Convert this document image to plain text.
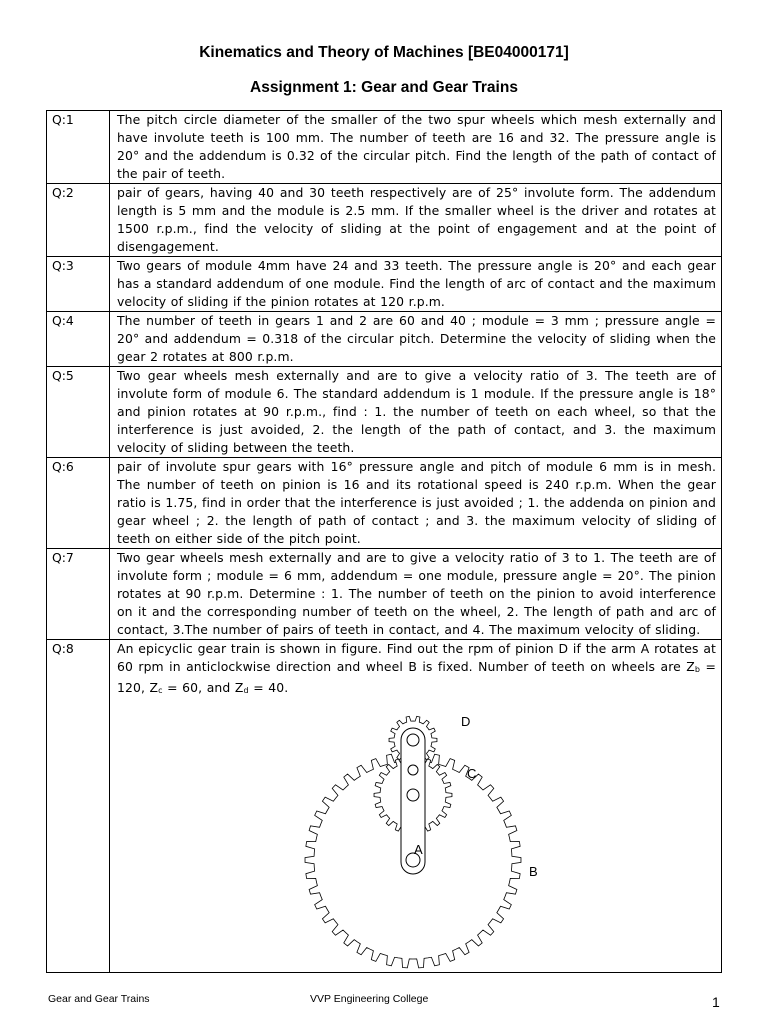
Kinematics and Theory of Machines [BE04000171]
Assignment 1: Gear and Gear Trains
Q:1	The pitch circle diameter of the smaller of the two spur wheels which mesh externally and have involute teeth is 100 mm. The number of teeth are 16 and 32. The pressure angle is 20° and the addendum is 0.32 of the circular pitch. Find the length of the path of contact of the pair of teeth.
Q:2	pair of gears, having 40 and 30 teeth respectively are of 25° involute form. The addendum length is 5 mm and the module is 2.5 mm. If the smaller wheel is the driver and rotates at 1500 r.p.m., find the velocity of sliding at the point of engagement and at the point of disengagement.
Q:3	Two gears of module 4mm have 24 and 33 teeth. The pressure angle is 20° and each gear has a standard addendum of one module. Find the length of arc of contact and the maximum velocity of sliding if the pinion rotates at 120 r.p.m.
Q:4	The number of teeth in gears 1 and 2 are 60 and 40 ; module = 3 mm ; pressure angle = 20° and addendum = 0.318 of the circular pitch. Determine the velocity of sliding when the gear 2 rotates at 800 r.p.m.
Q:5	Two gear wheels mesh externally and are to give a velocity ratio of 3. The teeth are of involute form of module 6. The standard addendum is 1 module. If the pressure angle is 18° and pinion rotates at 90 r.p.m., find : 1. the number of teeth on each wheel, so that the interference is just avoided, 2. the length of the path of contact, and 3. the maximum velocity of sliding between the teeth.
Q:6	pair of involute spur gears with 16° pressure angle and pitch of module 6 mm is in mesh. The number of teeth on pinion is 16 and its rotational speed is 240 r.p.m. When the gear ratio is 1.75, find in order that the interference is just avoided ; 1. the addenda on pinion and gear wheel ; 2. the length of path of contact ; and 3. the maximum velocity of sliding of teeth on either side of the pitch point.
Q:7	Two gear wheels mesh externally and are to give a velocity ratio of 3 to 1. The teeth are of involute form ; module = 6 mm, addendum = one module, pressure angle = 20°. The pinion rotates at 90 r.p.m. Determine : 1. The number of teeth on the pinion to avoid interference on it and the corresponding number of teeth on the wheel, 2. The length of path and arc of contact, 3.The number of pairs of teeth in contact, and 4. The maximum velocity of sliding.
Q:8	An epicyclic gear train is shown in figure. Find out the rpm of pinion D if the arm A rotates at 60 rpm in anticlockwise direction and wheel B is fixed. Number of teeth on wheels are Zb = 120, Zc = 60, and Zd = 40.
D
C
A
B
Gear and Gear Trains	VVP Engineering College	1
